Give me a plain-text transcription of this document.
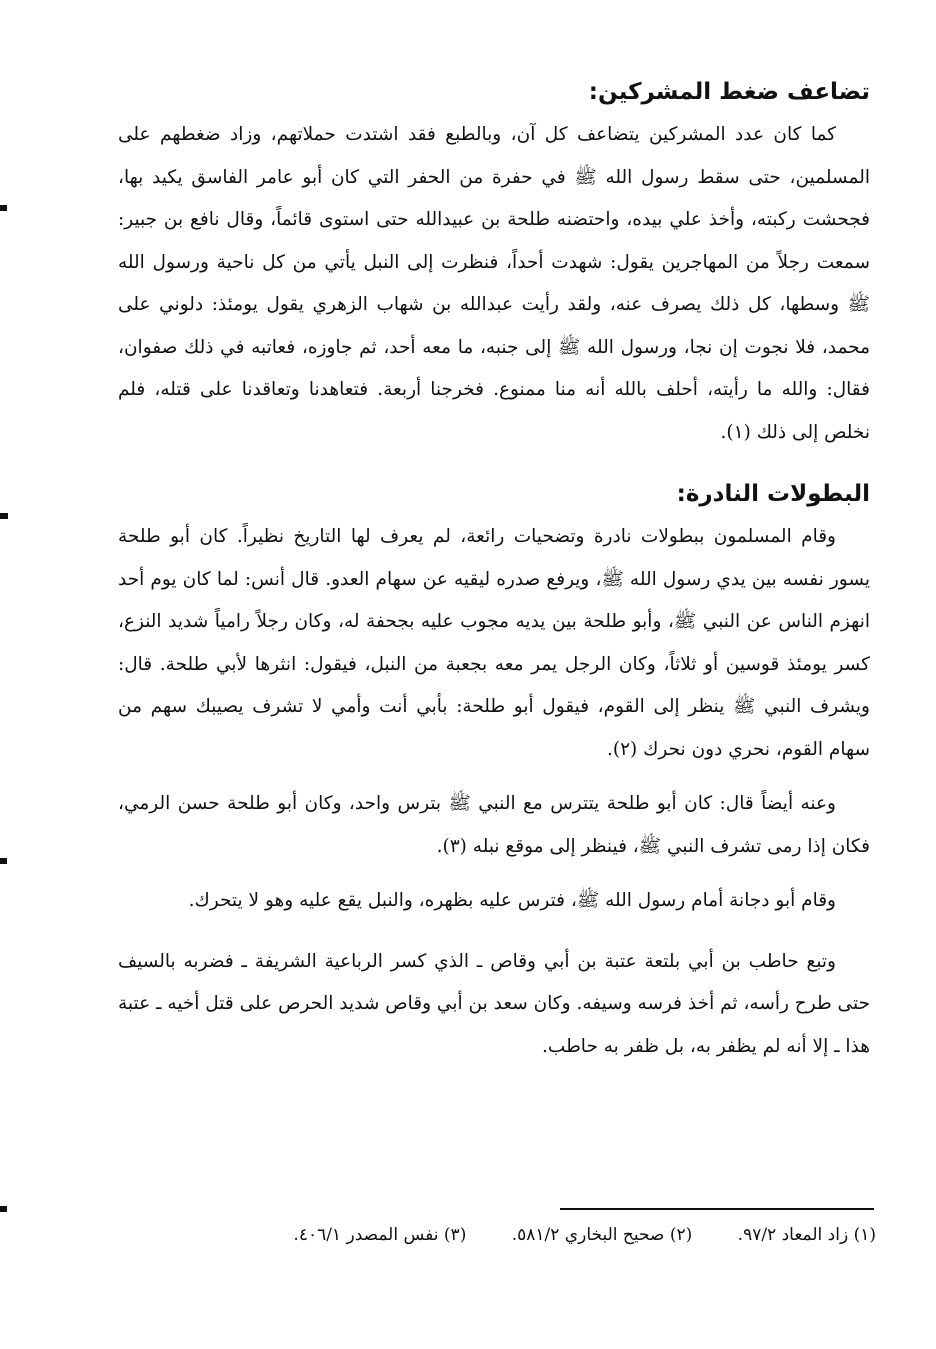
تضاعف ضغط المشركين:

كما كان عدد المشركين يتضاعف كل آن، وبالطبع فقد اشتدت حملاتهم، وزاد ضغطهم على المسلمين، حتى سقط رسول الله ﷺ في حفرة من الحفر التي كان أبو عامر الفاسق يكيد بها، فجحشت ركبته، وأخذ علي بيده، واحتضنه طلحة بن عبيدالله حتى استوى قائماً، وقال نافع بن جبير: سمعت رجلاً من المهاجرين يقول: شهدت أحداً، فنظرت إلى النبل يأتي من كل ناحية ورسول الله ﷺ وسطها، كل ذلك يصرف عنه، ولقد رأيت عبدالله بن شهاب الزهري يقول يومئذ: دلوني على محمد، فلا نجوت إن نجا، ورسول الله ﷺ إلى جنبه، ما معه أحد، ثم جاوزه، فعاتبه في ذلك صفوان، فقال: والله ما رأيته، أحلف بالله أنه منا ممنوع. فخرجنا أربعة. فتعاهدنا وتعاقدنا على قتله، فلم نخلص إلى ذلك (١).

البطولات النادرة:

وقام المسلمون ببطولات نادرة وتضحيات رائعة، لم يعرف لها التاريخ نظيراً. كان أبو طلحة يسور نفسه بين يدي رسول الله ﷺ، ويرفع صدره ليقيه عن سهام العدو. قال أنس: لما كان يوم أحد انهزم الناس عن النبي ﷺ، وأبو طلحة بين يديه مجوب عليه بجحفة له، وكان رجلاً رامياً شديد النزع، كسر يومئذ قوسين أو ثلاثاً، وكان الرجل يمر معه بجعبة من النبل، فيقول: انثرها لأبي طلحة. قال: ويشرف النبي ﷺ ينظر إلى القوم، فيقول أبو طلحة: بأبي أنت وأمي لا تشرف يصيبك سهم من سهام القوم، نحري دون نحرك (٢).

وعنه أيضاً قال: كان أبو طلحة يتترس مع النبي ﷺ بترس واحد، وكان أبو طلحة حسن الرمي، فكان إذا رمى تشرف النبي ﷺ، فينظر إلى موقع نبله (٣).

وقام أبو دجانة أمام رسول الله ﷺ، فترس عليه بظهره، والنبل يقع عليه وهو لا يتحرك.

وتبع حاطب بن أبي بلتعة عتبة بن أبي وقاص ـ الذي كسر الرباعية الشريفة ـ فضربه بالسيف حتى طرح رأسه، ثم أخذ فرسه وسيفه. وكان سعد بن أبي وقاص شديد الحرص على قتل أخيه ـ عتبة هذا ـ إلا أنه لم يظفر به، بل ظفر به حاطب.

(١) زاد المعاد ٩٧/٢. (٢) صحيح البخاري ٥٨١/٢. (٣) نفس المصدر ٤٠٦/١.
